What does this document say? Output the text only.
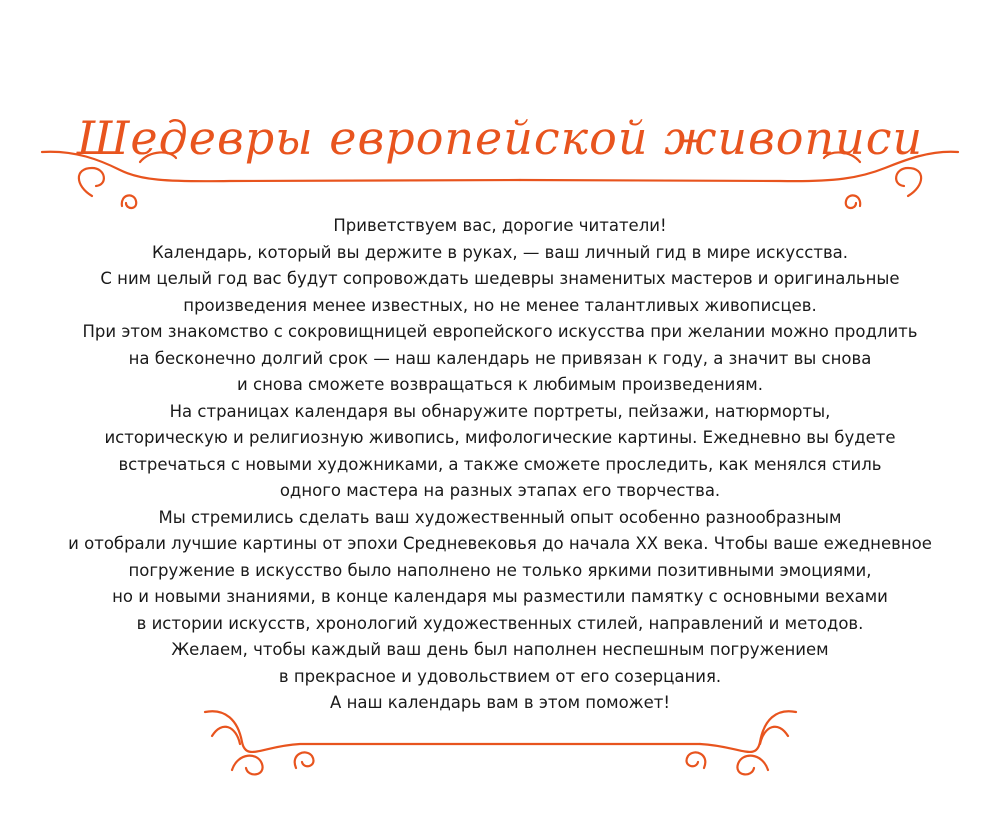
Шедевры европейской живописи
Приветствуем вас, дорогие читатели!
Календарь, который вы держите в руках, — ваш личный гид в мире искусства.
С ним целый год вас будут сопровождать шедевры знаменитых мастеров и оригинальные
произведения менее известных, но не менее талантливых живописцев.
При этом знакомство с сокровищницей европейского искусства при желании можно продлить
на бесконечно долгий срок — наш календарь не привязан к году, а значит вы снова
и снова сможете возвращаться к любимым произведениям.
На страницах календаря вы обнаружите портреты, пейзажи, натюрморты,
историческую и религиозную живопись, мифологические картины. Ежедневно вы будете
встречаться с новыми художниками, а также сможете проследить, как менялся стиль
одного мастера на разных этапах его творчества.
Мы стремились сделать ваш художественный опыт особенно разнообразным
и отобрали лучшие картины от эпохи Средневековья до начала XX века. Чтобы ваше ежедневное
погружение в искусство было наполнено не только яркими позитивными эмоциями,
но и новыми знаниями, в конце календаря мы разместили памятку с основными вехами
в истории искусств, хронологий художественных стилей, направлений и методов.
Желаем, чтобы каждый ваш день был наполнен неспешным погружением
в прекрасное и удовольствием от его созерцания.
А наш календарь вам в этом поможет!
